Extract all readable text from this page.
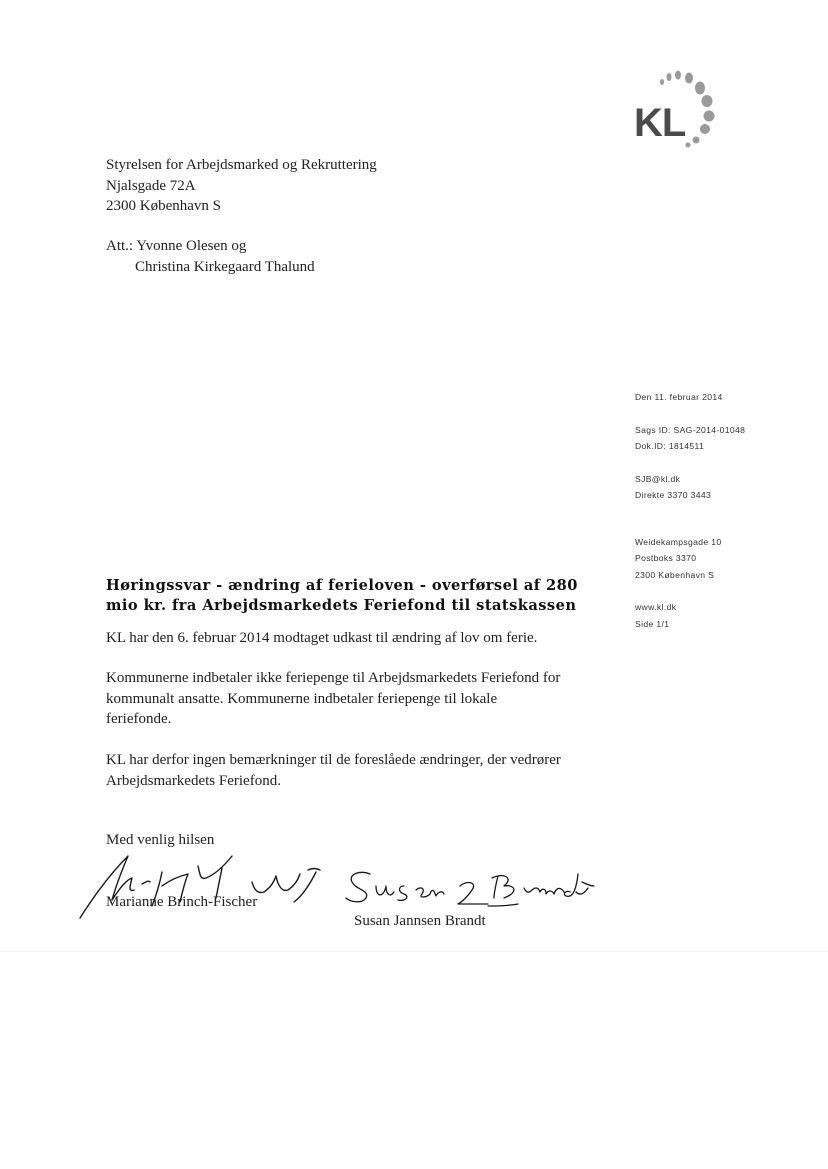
KL
Styrelsen for Arbejdsmarked og Rekruttering
Njalsgade 72A
2300 København S
Att.: Yvonne Olesen og
Christina Kirkegaard Thalund
Den 11. februar 2014
Sags ID: SAG-2014-01048
Dok.ID: 1814511
SJB@kl.dk
Direkte 3370 3443
Weidekampsgade 10
Postboks 3370
2300 København S
www.kl.dk
Side 1/1
Høringssvar - ændring af ferieloven - overførsel af 280
mio kr. fra Arbejdsmarkedets Feriefond til statskassen
KL har den 6. februar 2014 modtaget udkast til ændring af lov om ferie.
Kommunerne indbetaler ikke feriepenge til Arbejdsmarkedets Feriefond for
kommunalt ansatte. Kommunerne indbetaler feriepenge til lokale
feriefonde.
KL har derfor ingen bemærkninger til de foreslåede ændringer, der vedrører
Arbejdsmarkedets Feriefond.
Med venlig hilsen
Marianne Brinch-Fischer
Susan Jannsen Brandt
